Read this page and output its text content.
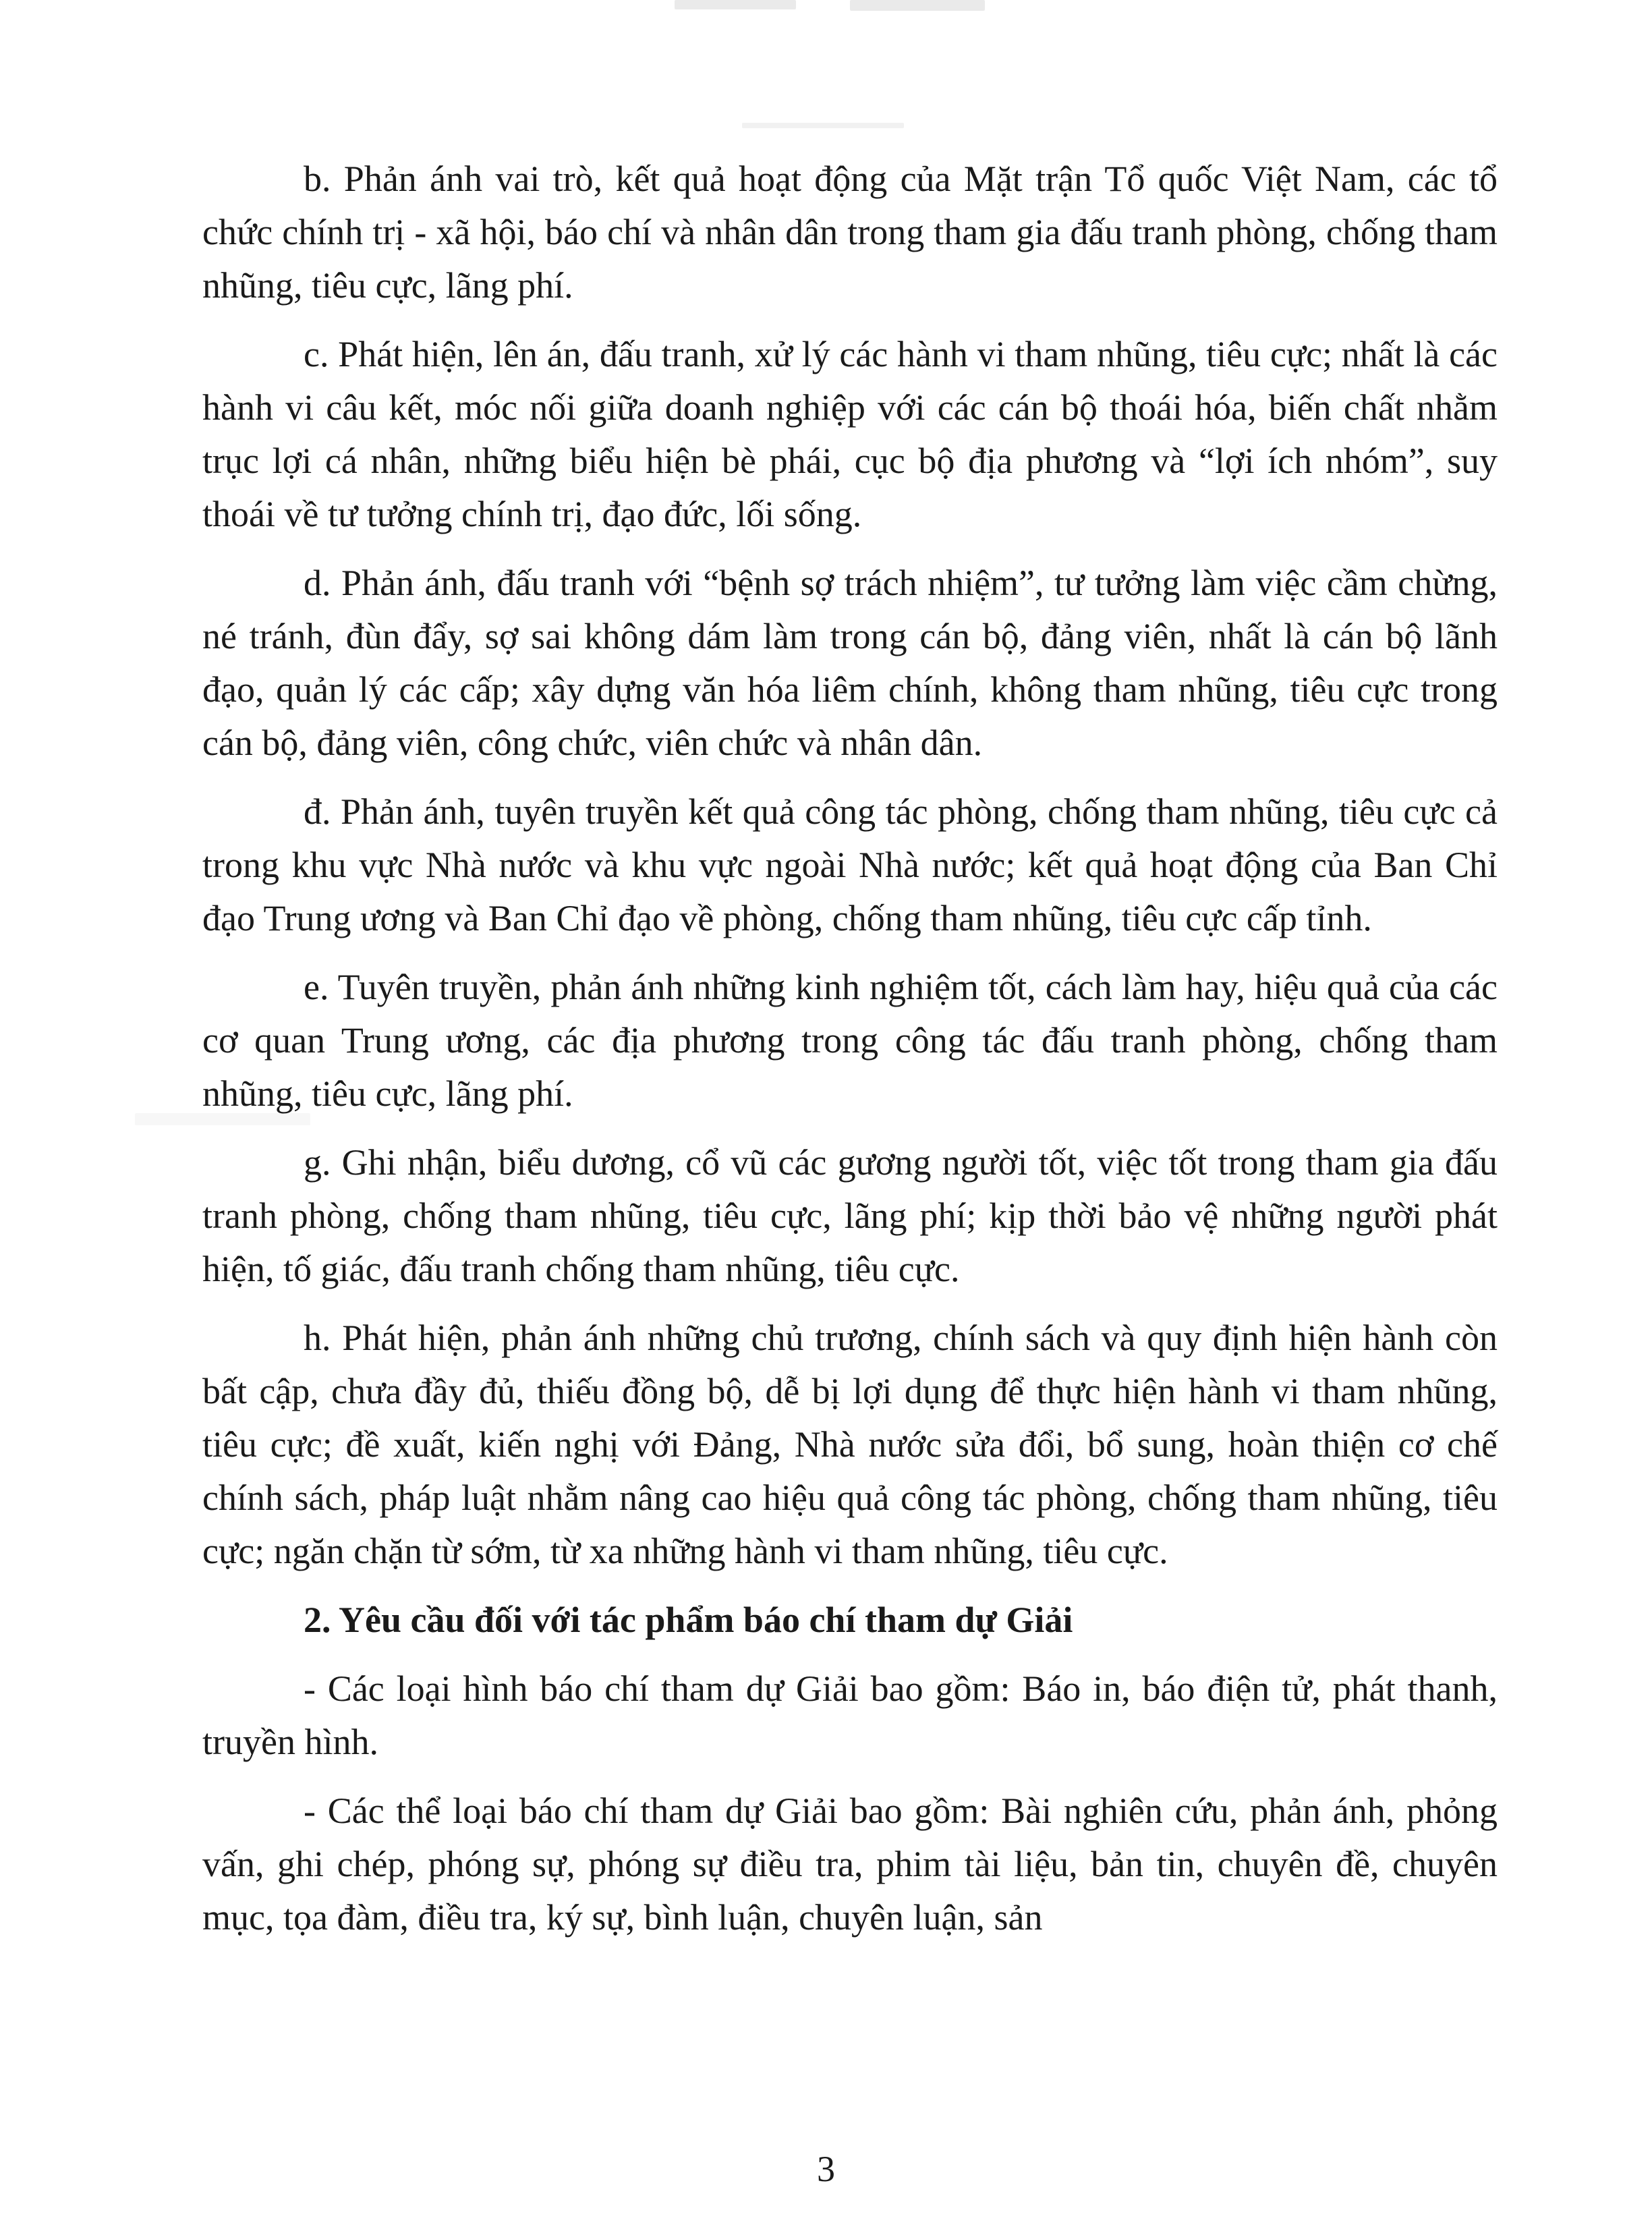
b. Phản ánh vai trò, kết quả hoạt động của Mặt trận Tổ quốc Việt Nam, các tổ chức chính trị - xã hội, báo chí và nhân dân trong tham gia đấu tranh phòng, chống tham nhũng, tiêu cực, lãng phí.

c. Phát hiện, lên án, đấu tranh, xử lý các hành vi tham nhũng, tiêu cực; nhất là các hành vi câu kết, móc nối giữa doanh nghiệp với các cán bộ thoái hóa, biến chất nhằm trục lợi cá nhân, những biểu hiện bè phái, cục bộ địa phương và “lợi ích nhóm”, suy thoái về tư tưởng chính trị, đạo đức, lối sống.

d. Phản ánh, đấu tranh với “bệnh sợ trách nhiệm”, tư tưởng làm việc cầm chừng, né tránh, đùn đẩy, sợ sai không dám làm trong cán bộ, đảng viên, nhất là cán bộ lãnh đạo, quản lý các cấp; xây dựng văn hóa liêm chính, không tham nhũng, tiêu cực trong cán bộ, đảng viên, công chức, viên chức và nhân dân.

đ. Phản ánh, tuyên truyền kết quả công tác phòng, chống tham nhũng, tiêu cực cả trong khu vực Nhà nước và khu vực ngoài Nhà nước; kết quả hoạt động của Ban Chỉ đạo Trung ương và Ban Chỉ đạo về phòng, chống tham nhũng, tiêu cực cấp tỉnh.

e. Tuyên truyền, phản ánh những kinh nghiệm tốt, cách làm hay, hiệu quả của các cơ quan Trung ương, các địa phương trong công tác đấu tranh phòng, chống tham nhũng, tiêu cực, lãng phí.

g. Ghi nhận, biểu dương, cổ vũ các gương người tốt, việc tốt trong tham gia đấu tranh phòng, chống tham nhũng, tiêu cực, lãng phí; kịp thời bảo vệ những người phát hiện, tố giác, đấu tranh chống tham nhũng, tiêu cực.

h. Phát hiện, phản ánh những chủ trương, chính sách và quy định hiện hành còn bất cập, chưa đầy đủ, thiếu đồng bộ, dễ bị lợi dụng để thực hiện hành vi tham nhũng, tiêu cực; đề xuất, kiến nghị với Đảng, Nhà nước sửa đổi, bổ sung, hoàn thiện cơ chế chính sách, pháp luật nhằm nâng cao hiệu quả công tác phòng, chống tham nhũng, tiêu cực; ngăn chặn từ sớm, từ xa những hành vi tham nhũng, tiêu cực.

2. Yêu cầu đối với tác phẩm báo chí tham dự Giải

- Các loại hình báo chí tham dự Giải bao gồm: Báo in, báo điện tử, phát thanh, truyền hình.

- Các thể loại báo chí tham dự Giải bao gồm: Bài nghiên cứu, phản ánh, phỏng vấn, ghi chép, phóng sự, phóng sự điều tra, phim tài liệu, bản tin, chuyên đề, chuyên mục, tọa đàm, điều tra, ký sự, bình luận, chuyên luận, sản

3
